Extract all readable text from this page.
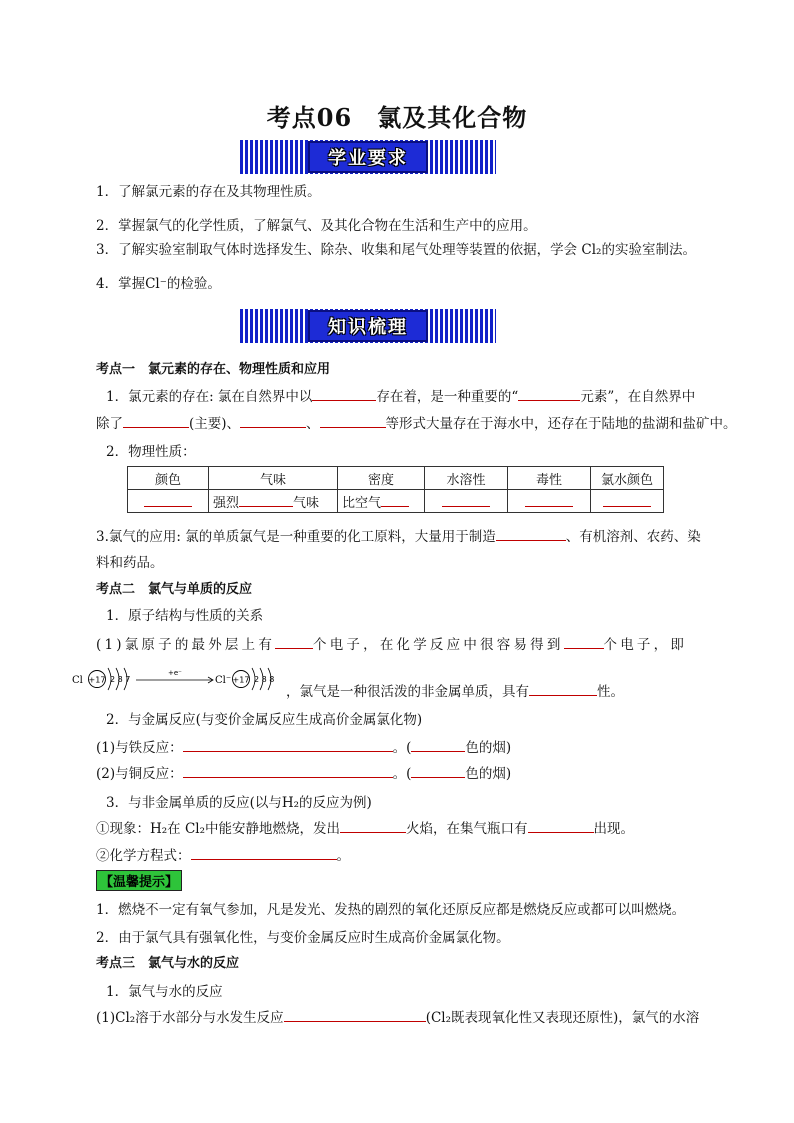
考点06　氯及其化合物
学业要求
1．了解氯元素的存在及其物理性质。
2．掌握氯气的化学性质，了解氯气、及其化合物在生活和生产中的应用。
3．了解实验室制取气体时选择发生、除杂、收集和尾气处理等装置的依据，学会 Cl₂的实验室制法。
4．掌握Cl⁻的检验。
知识梳理
考点一　氯元素的存在、物理性质和应用
1．氯元素的存在: 氯在自然界中以	存在着，是一种重要的“	元素”，在自然界中
除了	(主要)、	、	等形式大量存在于海水中，还存在于陆地的盐湖和盐矿中。
2．物理性质：
颜色	气味	密度	水溶性	毒性	氯水颜色
	强烈 气味	比空气			
3.氯气的应用: 氯的单质氯气是一种重要的化工原料，大量用于制造	、有机溶剂、农药、染
料和药品。
考点二　氯气与单质的反应
1．原子结构与性质的关系
(1)氯原子的最外层上有	个电子，在化学反应中很容易得到	个电子，即
Cl +17 2 8 7
+e⁻
Cl⁻ +17 2 8 8
，氯气是一种很活泼的非金属单质，具有	性。
2．与金属反应(与变价金属反应生成高价金属氯化物)
(1)与铁反应：	。(	色的烟)
(2)与铜反应：	。(	色的烟)
3．与非金属单质的反应(以与H₂的反应为例)
①现象：H₂在 Cl₂中能安静地燃烧，发出	火焰，在集气瓶口有	出现。
②化学方程式：	。
【温馨提示】
1．燃烧不一定有氧气参加，凡是发光、发热的剧烈的氧化还原反应都是燃烧反应或都可以叫燃烧。
2．由于氯气具有强氧化性，与变价金属反应时生成高价金属氯化物。
考点三　氯气与水的反应
1．氯气与水的反应
(1)Cl₂溶于水部分与水发生反应	(Cl₂既表现氧化性又表现还原性)，氯气的水溶
